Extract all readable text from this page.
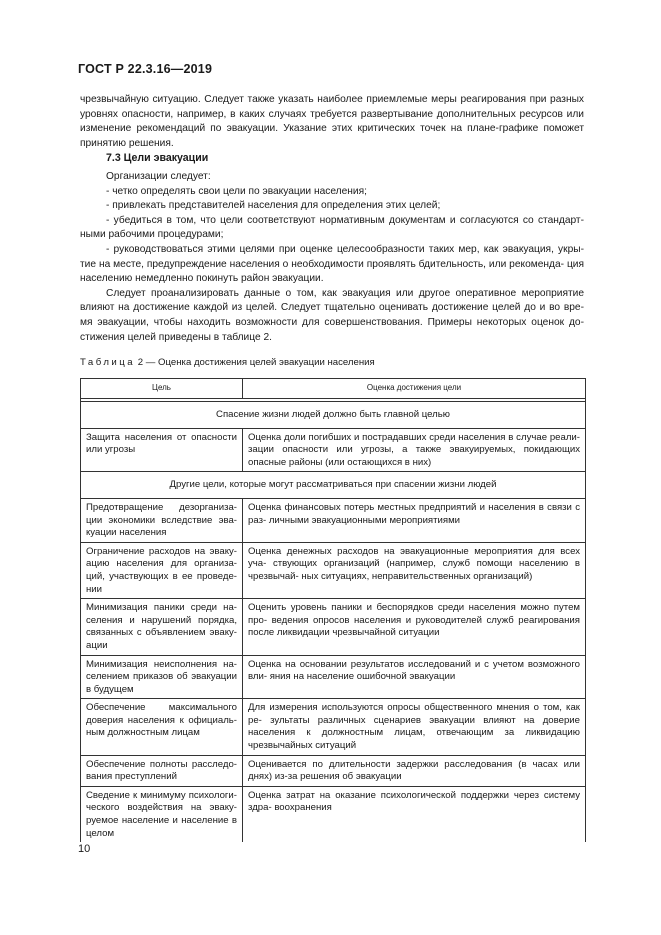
ГОСТ Р 22.3.16—2019

чрезвычайную ситуацию. Следует также указать наиболее приемлемые меры реагирования при разных уровнях опасности, например, в каких случаях требуется развертывание дополнительных ресурсов или изменение рекомендаций по эвакуации. Указание этих критических точек на плане-графике поможет принятию решения.

7.3 Цели эвакуации

Организации следует:

- четко определять свои цели по эвакуации населения;

- привлекать представителей населения для определения этих целей;

- убедиться в том, что цели соответствуют нормативным документам и согласуются со стандарт- ными рабочими процедурами;

- руководствоваться этими целями при оценке целесообразности таких мер, как эвакуация, укры- тие на месте, предупреждение населения о необходимости проявлять бдительность, или рекоменда- ция населению немедленно покинуть район эвакуации.

Следует проанализировать данные о том, как эвакуация или другое оперативное мероприятие влияют на достижение каждой из целей. Следует тщательно оценивать достижение целей до и во вре- мя эвакуации, чтобы находить возможности для совершенствования. Примеры некоторых оценок до- стижения целей приведены в таблице 2.

Таблица 2 — Оценка достижения целей эвакуации населения
Цель	Оценка достижения цели

Спасение жизни людей должно быть главной целью	
Защита населения от опасности или угрозы	Оценка доли погибших и пострадавших среди населения в случае реали- зации опасности или угрозы, а также эвакуируемых, покидающих опасные районы (или остающихся в них)
Другие цели, которые могут рассматриваться при спасении жизни людей	
Предотвращение дезорганиза- ции экономики вследствие эва- куации населения	Оценка финансовых потерь местных предприятий и населения в связи с раз- личными эвакуационными мероприятиями
Ограничение расходов на эваку- ацию населения для организа- ций, участвующих в ее проведе- нии	Оценка денежных расходов на эвакуационные мероприятия для всех уча- ствующих организаций (например, служб помощи населению в чрезвычай- ных ситуациях, неправительственных организаций)
Минимизация паники среди на- селения и нарушений порядка, связанных с объявлением эваку- ации	Оценить уровень паники и беспорядков среди населения можно путем про- ведения опросов населения и руководителей служб реагирования после ликвидации чрезвычайной ситуации
Минимизация неисполнения на- селением приказов об эвакуации в будущем	Оценка на основании результатов исследований и с учетом возможного вли- яния на население ошибочной эвакуации
Обеспечение максимального доверия населения к официаль- ным должностным лицам	Для измерения используются опросы общественного мнения о том, как ре- зультаты различных сценариев эвакуации влияют на доверие населения к должностным лицам, отвечающим за ликвидацию чрезвычайных ситуаций
Обеспечение полноты расследо- вания преступлений	Оценивается по длительности задержки расследования (в часах или днях) из-за решения об эвакуации
Сведение к минимуму психологи- ческого воздействия на эваку- руемое население и население в целом	Оценка затрат на оказание психологической поддержки через систему здра- воохранения
10
